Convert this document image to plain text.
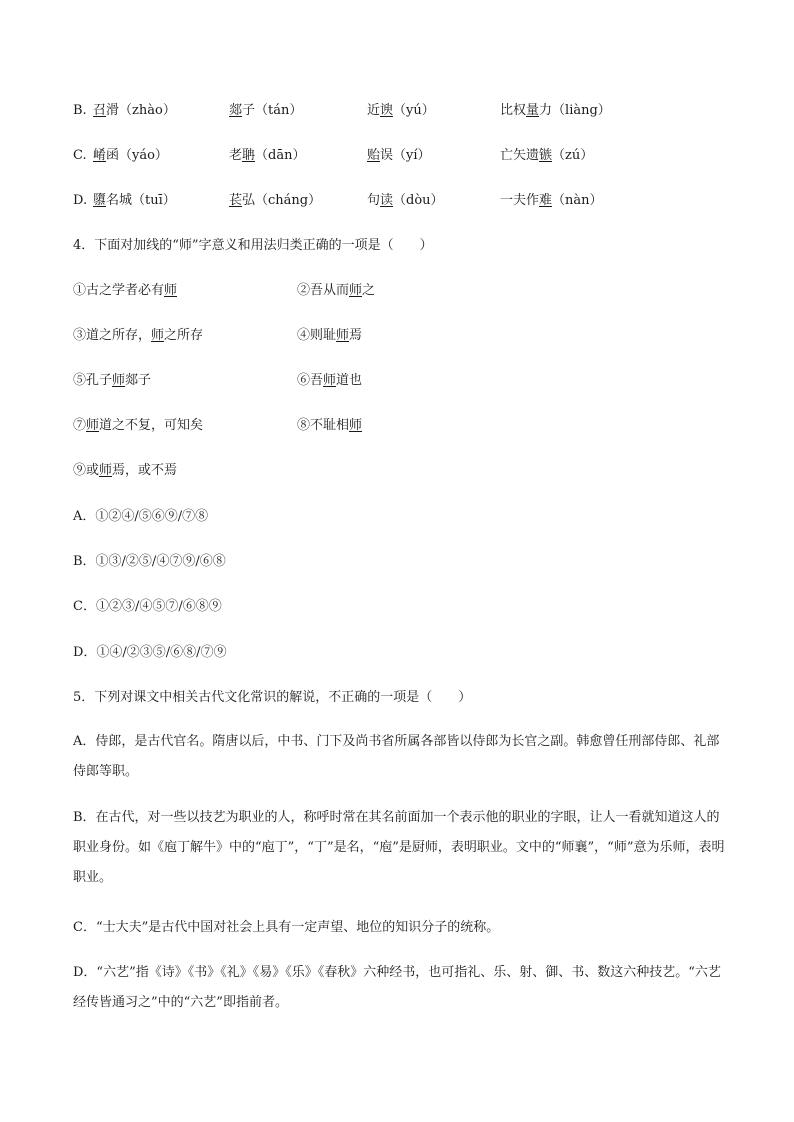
B. 召滑（zhào）	郯子（tán）	近谀（yú）	比权量力（liàng）
C. 崤函（yáo）	老聃（dān）	贻误（yí）	亡矢遗镞（zú）
D. 隳名城（tuī）	苌弘（cháng）	句读（dòu）	一夫作难（nàn）
4．下面对加线的“师”字意义和用法归类正确的一项是（　　）
①古之学者必有师	②吾从而师之
③道之所存，师之所存	④则耻师焉
⑤孔子师郯子	⑥吾师道也
⑦师道之不复，可知矣	⑧不耻相师
⑨或师焉，或不焉
A．①②④/⑤⑥⑨/⑦⑧
B．①③/②⑤/④⑦⑨/⑥⑧
C．①②③/④⑤⑦/⑥⑧⑨
D．①④/②③⑤/⑥⑧/⑦⑨
5．下列对课文中相关古代文化常识的解说，不正确的一项是（　　）
A．侍郎，是古代官名。隋唐以后，中书、门下及尚书省所属各部皆以侍郎为长官之副。韩愈曾任刑部侍郎、礼部侍郎等职。
B．在古代，对一些以技艺为职业的人，称呼时常在其名前面加一个表示他的职业的字眼，让人一看就知道这人的职业身份。如《庖丁解牛》中的“庖丁”，“丁”是名，“庖”是厨师，表明职业。文中的“师襄”，“师”意为乐师，表明职业。
C．“士大夫”是古代中国对社会上具有一定声望、地位的知识分子的统称。
D．“六艺”指《诗》《书》《礼》《易》《乐》《春秋》六种经书，也可指礼、乐、射、御、书、数这六种技艺。“六艺经传皆通习之”中的“六艺”即指前者。
